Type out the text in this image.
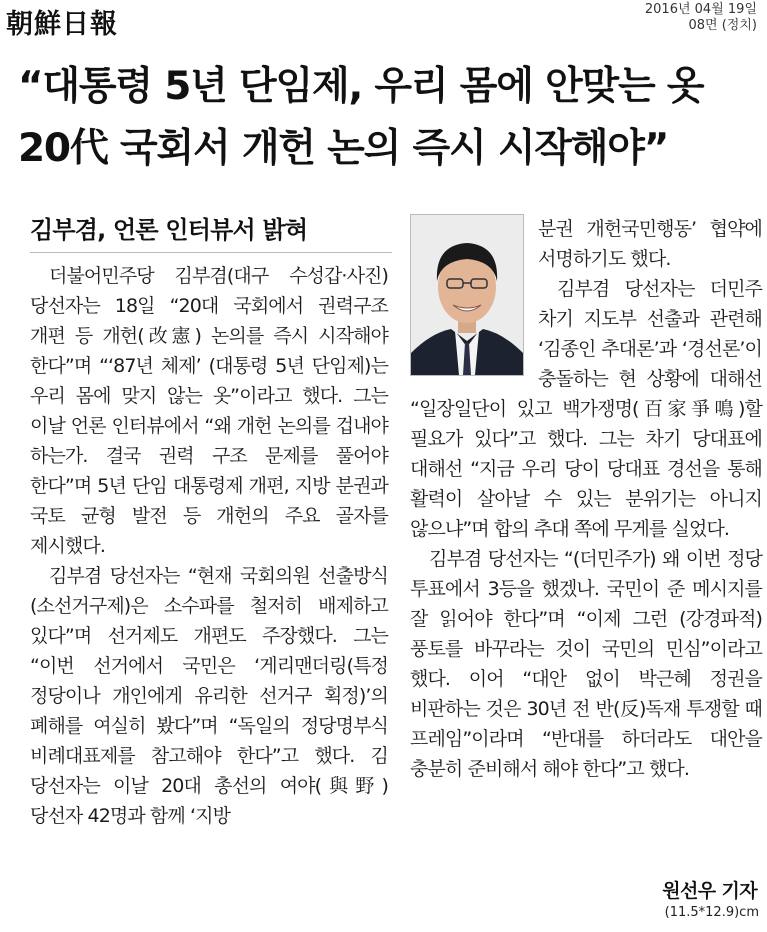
朝鮮日報	2016년 04월 19일
08면 (정치)
“대통령 5년 단임제, 우리 몸에 안맞는 옷
20代 국회서 개헌 논의 즉시 시작해야”
김부겸, 언론 인터뷰서 밝혀

더불어민주당 김부겸(대구 수성갑·사진) 당선자는 18일 “20대 국회에서 권력구조 개편 등 개헌(改憲) 논의를 즉시 시작해야 한다”며 “‘87년 체제’ (대통령 5년 단임제)는 우리 몸에 맞지 않는 옷”이라고 했다. 그는 이날 언론 인터뷰에서 “왜 개헌 논의를 겁내야 하는가. 결국 권력 구조 문제를 풀어야 한다”며 5년 단임 대통령제 개편, 지방 분권과 국토 균형 발전 등 개헌의 주요 골자를 제시했다.

김부겸 당선자는 “현재 국회의원 선출방식(소선거구제)은 소수파를 철저히 배제하고 있다”며 선거제도 개편도 주장했다. 그는 “이번 선거에서 국민은 ‘게리맨더링(특정 정당이나 개인에게 유리한 선거구 획정)’의 폐해를 여실히 봤다”며 “독일의 정당명부식 비례대표제를 참고해야 한다”고 했다. 김 당선자는 이날 20대 총선의 여야(與野) 당선자 42명과 함께 ‘지방

분권 개헌국민행동’ 협약에 서명하기도 했다.

김부겸 당선자는 더민주 차기 지도부 선출과 관련해 ‘김종인 추대론’과 ‘경선론’이 충돌하는 현 상황에 대해선 “일장일단이 있고 백가쟁명(百家爭鳴)할 필요가 있다”고 했다. 그는 차기 당대표에 대해선 “지금 우리 당이 당대표 경선을 통해 활력이 살아날 수 있는 분위기는 아니지 않으냐”며 합의 추대 쪽에 무게를 실었다.

김부겸 당선자는 “(더민주가) 왜 이번 정당 투표에서 3등을 했겠나. 국민이 준 메시지를 잘 읽어야 한다”며 “이제 그런 (강경파적) 풍토를 바꾸라는 것이 국민의 민심”이라고 했다. 이어 “대안 없이 박근혜 정권을 비판하는 것은 30년 전 반(反)독재 투쟁할 때 프레임”이라며 “반대를 하더라도 대안을 충분히 준비해서 해야 한다”고 했다.

원선우 기자
(11.5*12.9)cm
